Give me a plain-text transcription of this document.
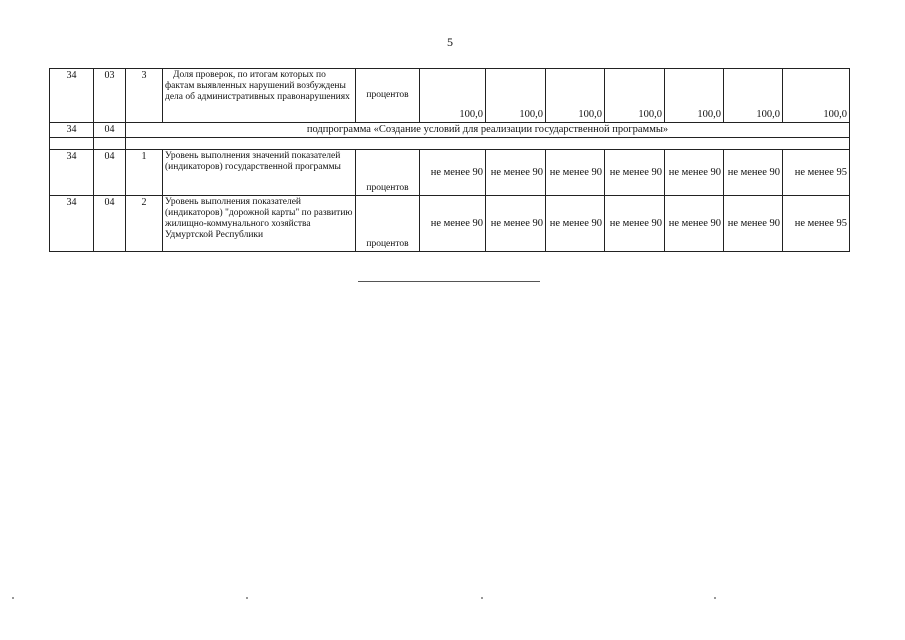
5
34	03	3	Доля проверок, по итогам которых по фактам выявленных нарушений возбуждены дела об административных правонарушениях	процентов	100,0	100,0	100,0	100,0	100,0	100,0	100,0
34	04	подпрограмма «Создание условий для реализации государственной программы»									

34	04	1	Уровень выполнения значений показателей (индикаторов) государственной программы	процентов	не менее 90	не менее 90	не менее 90	не менее 90	не менее 90	не менее 90	не менее 95
34	04	2	Уровень выполнения показателей (индикаторов) "дорожной карты" по развитию жилищно-коммунального хозяйства Удмуртской Республики	процентов	не менее 90	не менее 90	не менее 90	не менее 90	не менее 90	не менее 90	не менее 95
